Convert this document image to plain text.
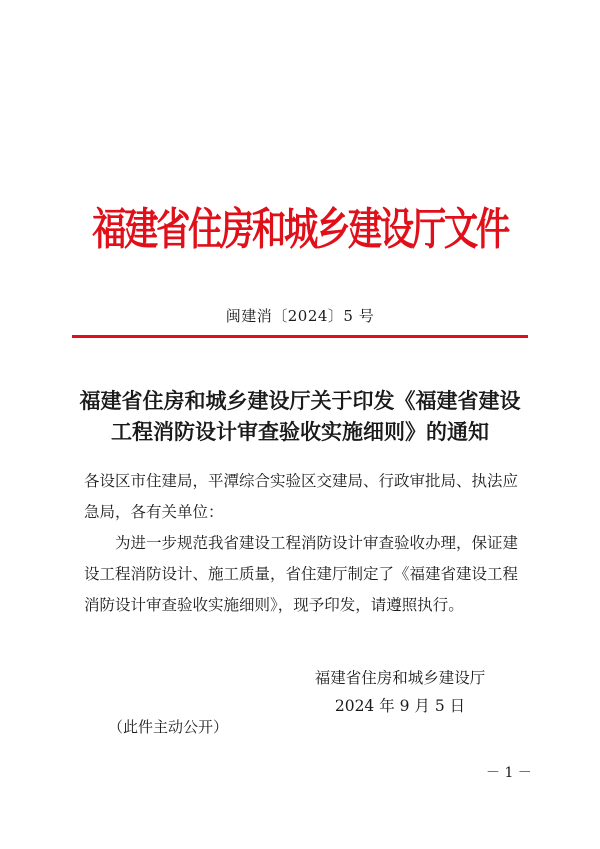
福建省住房和城乡建设厅文件
闽建消〔2024〕5 号
福建省住房和城乡建设厅关于印发《福建省建设
工程消防设计审查验收实施细则》的通知
各设区市住建局，平潭综合实验区交建局、行政审批局、执法应
急局，各有关单位：
为进一步规范我省建设工程消防设计审查验收办理，保证建
设工程消防设计、施工质量，省住建厅制定了《福建省建设工程
消防设计审查验收实施细则》，现予印发，请遵照执行。
福建省住房和城乡建设厅
2024 年 9 月 5 日
（此件主动公开）
－ 1 －
